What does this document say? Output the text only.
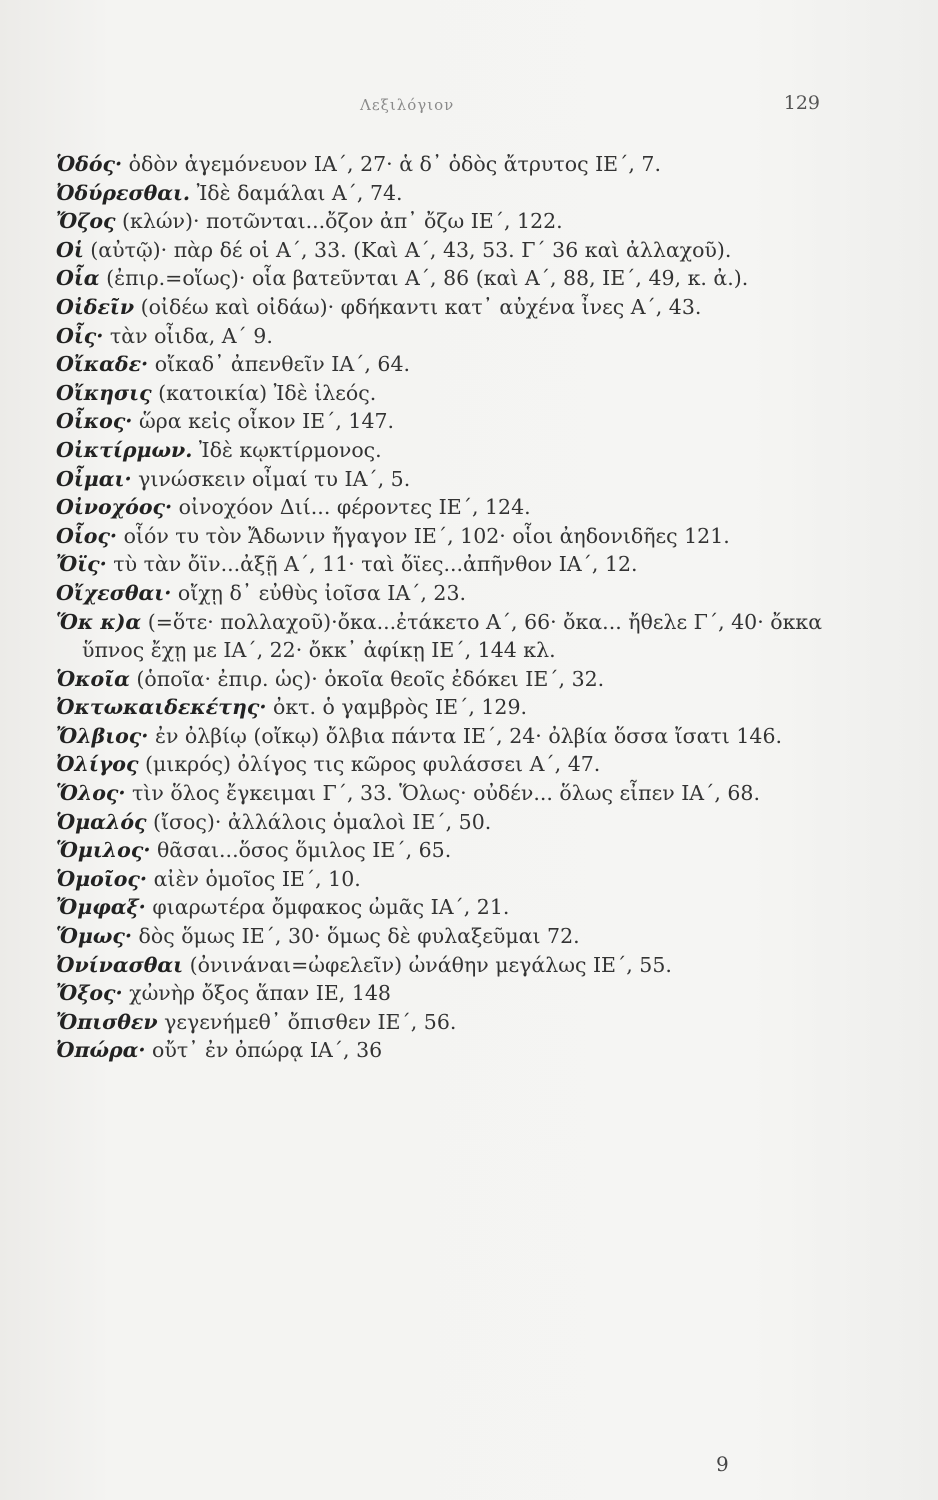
Λεξιλόγιον	129

Ὁδός· ὁδὸν ἁγεμόνευον ΙΑ΄, 27· ἁ δ᾽ ὁδὸς ἄτρυτος ΙΕ΄, 7.

Ὀδύρεσθαι. Ἰδὲ δαμάλαι Α΄, 74.

Ὄζος (κλών)· ποτῶνται...ὄζον ἀπ᾽ ὄζω ΙΕ΄, 122.

Οἱ (αὐτῷ)· πὰρ δέ οἱ Α΄, 33. (Καὶ Α΄, 43, 53. Γ΄ 36 καὶ ἀλλαχοῦ).

Οἷα (ἐπιρ.=οἵως)· οἷα βατεῦνται Α΄, 86 (καὶ Α΄, 88, ΙΕ΄, 49, κ. ἀ.).

Οἰδεῖν (οἰδέω καὶ οἰδάω)· φδήκαντι κατ᾽ αὐχένα ἶνες Α΄, 43.

Οἶς· τὰν οἶιδα, Α΄ 9.

Οἴκαδε· οἴκαδ᾽ ἀπενθεῖν ΙΑ΄, 64.

Οἴκησις (κατοικία) Ἰδὲ ἱλεός.

Οἶκος· ὥρα κεἰς οἶκον ΙΕ΄, 147.

Οἰκτίρμων. Ἰδὲ κῳκτίρμονος.

Οἶμαι· γινώσκειν οἶμαί τυ ΙΑ΄, 5.

Οἰνοχόος· οἰνοχόον Διί... φέροντες ΙΕ΄, 124.

Οἷος· οἷόν τυ τὸν Ἄδωνιν ἤγαγον ΙΕ΄, 102· οἷοι ἀηδονιδῆες 121.

Ὄϊς· τὺ τὰν ὄϊν...ἀξῇ Α΄, 11· ταὶ ὄϊες...ἀπῆνθον ΙΑ΄, 12.

Οἴχεσθαι· οἴχῃ δ᾽ εὐθὺς ἰοῖσα ΙΑ΄, 23.

Ὅκ κ)α (=ὅτε· πολλαχοῦ)·ὄκα...ἐτάκετο Α΄, 66· ὄκα... ἤθελε Γ΄, 40· ὄκκα ὕπνος ἔχῃ με ΙΑ΄, 22· ὄκκ᾽ ἀφίκῃ ΙΕ΄, 144 κλ.

Ὁκοῖα (ὁποῖα· ἐπιρ. ὡς)· ὁκοῖα θεοῖς ἐδόκει ΙΕ΄, 32.

Ὀκτωκαιδεκέτης· ὀκτ. ὁ γαμβρὸς ΙΕ΄, 129.

Ὄλβιος· ἐν ὀλβίῳ (οἴκῳ) ὄλβια πάντα ΙΕ΄, 24· ὀλβία ὅσσα ἴσατι 146.

Ὀλίγος (μικρός) ὀλίγος τις κῶρος φυλάσσει Α΄, 47.

Ὅλος· τὶν ὅλος ἔγκειμαι Γ΄, 33. Ὅλως· οὐδέν... ὅλως εἶπεν ΙΑ΄, 68.

Ὁμαλός (ἴσος)· ἀλλάλοις ὁμαλοὶ ΙΕ΄, 50.

Ὅμιλος· θᾶσαι...ὅσος ὅμιλος ΙΕ΄, 65.

Ὁμοῖος· αἰὲν ὁμοῖος ΙΕ΄, 10.

Ὄμφαξ· φιαρωτέρα ὄμφακος ὠμᾶς ΙΑ΄, 21.

Ὅμως· δὸς ὅμως ΙΕ΄, 30· ὅμως δὲ φυλαξεῦμαι 72.

Ὀνίνασθαι (ὀνινάναι=ὠφελεῖν) ὠνάθην μεγάλως ΙΕ΄, 55.

Ὄξος· χὠνὴρ ὄξος ἅπαν ΙΕ, 148

Ὄπισθεν γεγενήμεθ᾽ ὄπισθεν ΙΕ΄, 56.

Ὀπώρα· οὔτ᾽ ἐν ὀπώρᾳ ΙΑ΄, 36

9
